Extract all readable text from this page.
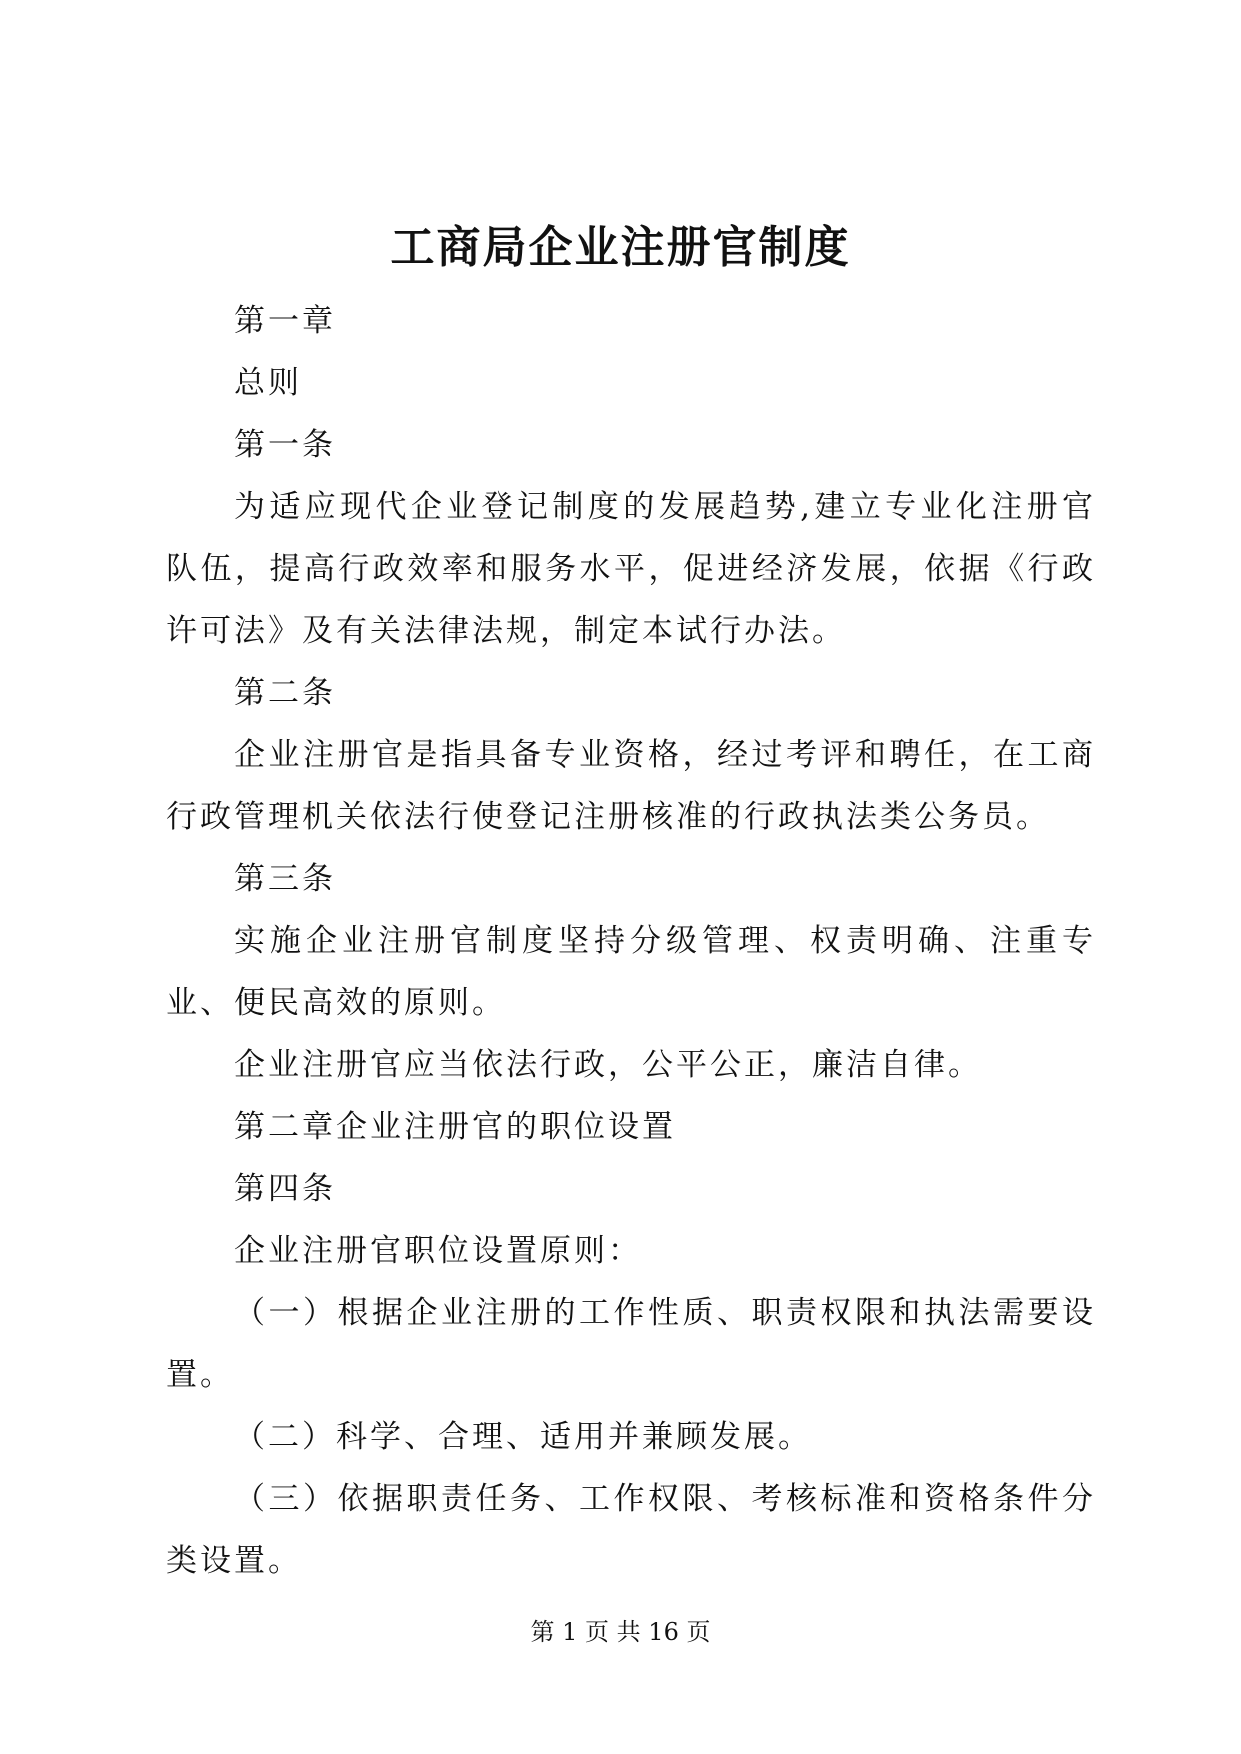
工商局企业注册官制度

第一章

总则

第一条

为适应现代企业登记制度的发展趋势,建立专业化注册官队伍，提高行政效率和服务水平，促进经济发展，依据《行政许可法》及有关法律法规，制定本试行办法。

第二条

企业注册官是指具备专业资格，经过考评和聘任，在工商行政管理机关依法行使登记注册核准的行政执法类公务员。

第三条

实施企业注册官制度坚持分级管理、权责明确、注重专业、便民高效的原则。

企业注册官应当依法行政，公平公正，廉洁自律。

第二章企业注册官的职位设置

第四条

企业注册官职位设置原则：

（一）根据企业注册的工作性质、职责权限和执法需要设置。

（二）科学、合理、适用并兼顾发展。

（三）依据职责任务、工作权限、考核标准和资格条件分类设置。

第 1 页 共 16 页
